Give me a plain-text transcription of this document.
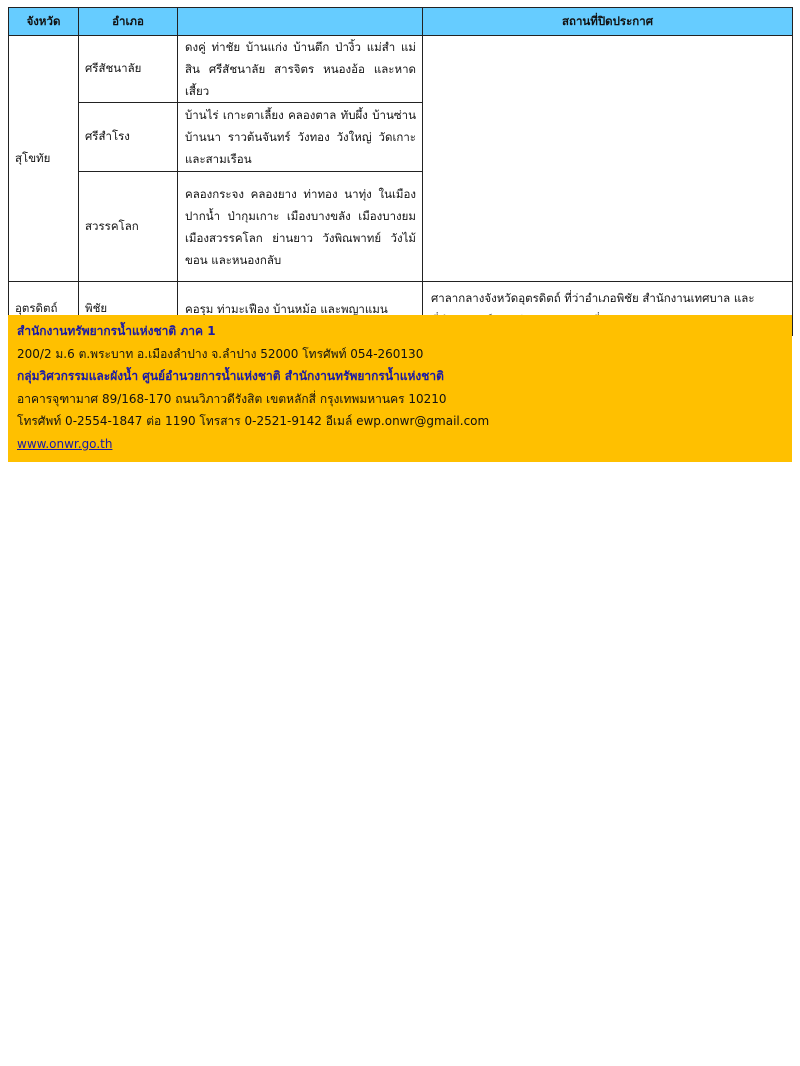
จังหวัด	อำเภอ		สถานที่ปิดประกาศ
สุโขทัย	ศรีสัชนาลัย	ดงคู่ ท่าชัย บ้านแก่ง บ้านตึก ป่างิ้ว แม่สำ แม่สิน ศรีสัชนาลัย สารจิตร หนองอ้อ และหาดเสี้ยว	
	ศรีสำโรง	บ้านไร่ เกาะตาเลี้ยง คลองตาล ทับผึ้ง บ้านซ่าน บ้านนา ราวต้นจันทร์ วังทอง วังใหญ่ วัดเกาะ และสามเรือน	
	สวรรคโลก	คลองกระจง คลองยาง ท่าทอง นาทุ่ง ในเมือง ปากน้ำ ป่ากุมเกาะ เมืองบางขลัง เมืองบางยม เมืองสวรรคโลก ย่านยาว วังพิณพาทย์ วังไม้ขอน และหนองกลับ	
อุตรดิตถ์	พิชัย	คอรุม ท่ามะเฟือง บ้านหม้อ และพญาแมน	ศาลากลางจังหวัดอุตรดิตถ์ ที่ว่าอำเภอพิชัย สำนักงานเทศบาล และ
สำนักงานทรัพยากรน้ำแห่งชาติ ภาค 1
200/2 ม.6 ต.พระบาท อ.เมืองลำปาง จ.ลำปาง 52000 โทรศัพท์ 054-260130
กลุ่มวิศวกรรมและผังน้ำ ศูนย์อำนวยการน้ำแห่งชาติ สำนักงานทรัพยากรน้ำแห่งชาติ
อาคารจุฑามาศ 89/168-170 ถนนวิภาวดีรังสิต เขตหลักสี่ กรุงเทพมหานคร 10210
โทรศัพท์ 0-2554-1847 ต่อ 1190 โทรสาร 0-2521-9142 อีเมล์ ewp.onwr@gmail.com
www.onwr.go.th
